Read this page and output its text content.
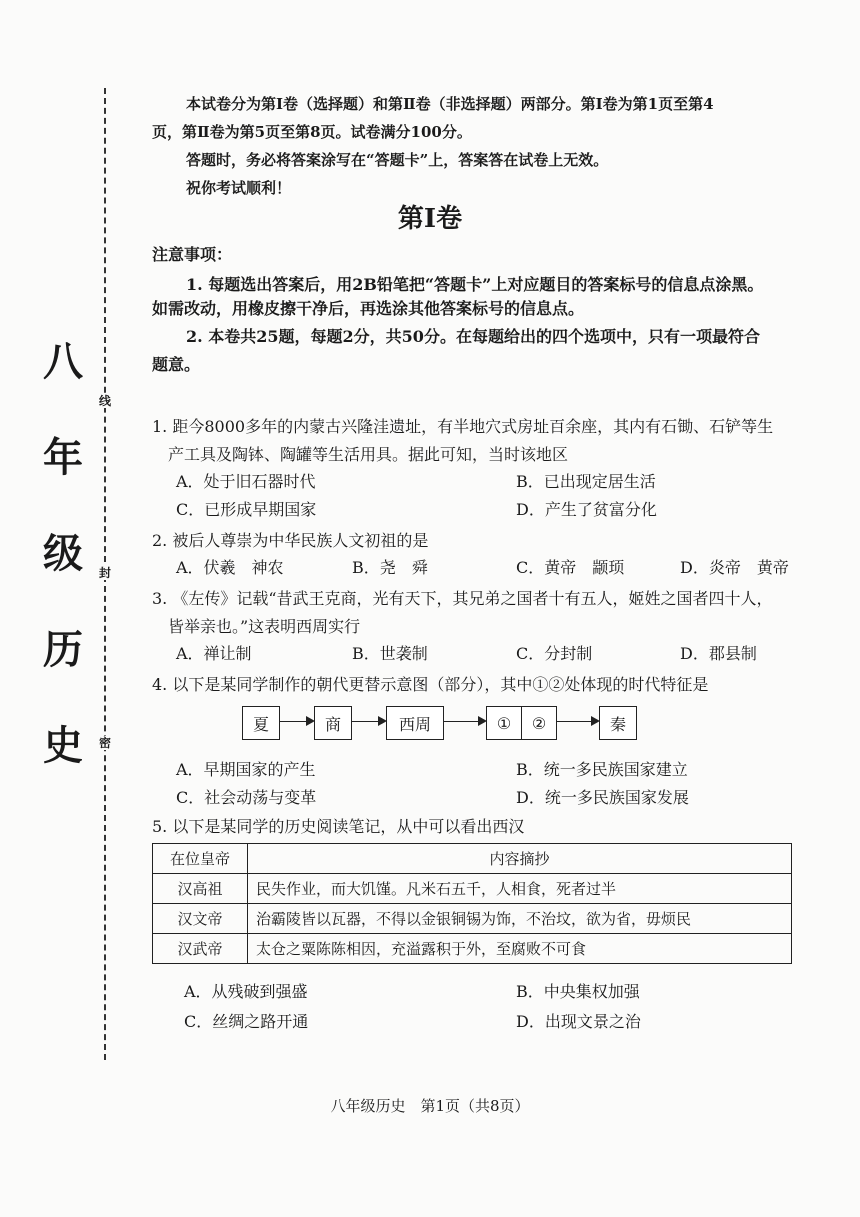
八
年
级
历
史
线
封
密
本试卷分为第Ⅰ卷（选择题）和第Ⅱ卷（非选择题）两部分。第Ⅰ卷为第1页至第4
页，第Ⅱ卷为第5页至第8页。试卷满分100分。
答题时，务必将答案涂写在“答题卡”上，答案答在试卷上无效。
祝你考试顺利！
第Ⅰ卷
注意事项：
1. 每题选出答案后，用2B铅笔把“答题卡”上对应题目的答案标号的信息点涂黑。
如需改动，用橡皮擦干净后，再选涂其他答案标号的信息点。
2. 本卷共25题，每题2分，共50分。在每题给出的四个选项中，只有一项最符合
题意。
1. 距今8000多年的内蒙古兴隆洼遗址，有半地穴式房址百余座，其内有石锄、石铲等生
产工具及陶钵、陶罐等生活用具。据此可知，当时该地区
A．处于旧石器时代	B．已出现定居生活
C．已形成早期国家	D．产生了贫富分化
2. 被后人尊崇为中华民族人文初祖的是
A．伏羲　神农	B．尧　舜	C．黄帝　颛顼	D．炎帝　黄帝
3. 《左传》记载“昔武王克商，光有天下，其兄弟之国者十有五人，姬姓之国者四十人，
皆举亲也。”这表明西周实行
A．禅让制	B．世袭制	C．分封制	D．郡县制
4. 以下是某同学制作的朝代更替示意图（部分），其中①②处体现的时代特征是
夏	商	西周	①	②	秦
A．早期国家的产生	B．统一多民族国家建立
C．社会动荡与变革	D．统一多民族国家发展
5. 以下是某同学的历史阅读笔记，从中可以看出西汉
在位皇帝	内容摘抄
汉高祖	民失作业，而大饥馑。凡米石五千，人相食，死者过半
汉文帝	治霸陵皆以瓦器，不得以金银铜锡为饰，不治坟，欲为省，毋烦民
汉武帝	太仓之粟陈陈相因，充溢露积于外，至腐败不可食
A．从残破到强盛	B．中央集权加强
C．丝绸之路开通	D．出现文景之治
八年级历史　第1页（共8页）
